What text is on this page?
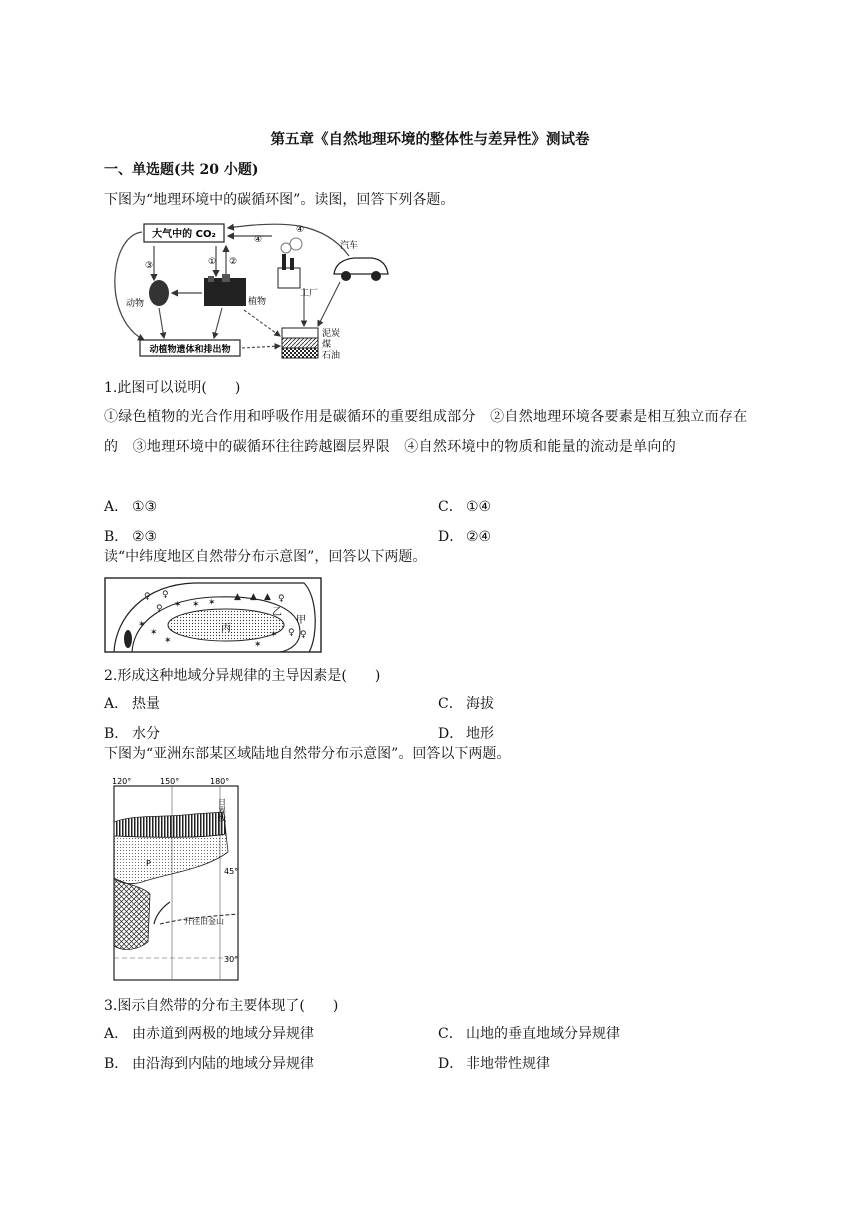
第五章《自然地理环境的整体性与差异性》测试卷
一、单选题(共 20 小题)
下图为“地理环境中的碳循环图”。读图，回答下列各题。
大气中的 CO₂
③	① ②
④
④
动物	植物
工厂
汽车
动植物遗体和排出物
泥炭
煤
石油
1.此图可以说明(　　)
①绿色植物的光合作用和呼吸作用是碳循环的重要组成部分　②自然地理环境各要素是相互独立而存在的　③地理环境中的碳循环往往跨越圈层界限　④自然环境中的物质和能量的流动是单向的
A． ①③	C． ①④
B． ②③	D． ②④
读“中纬度地区自然带分布示意图”，回答以下两题。
丙
乙
甲
♀ ♀
♀ ✶ ✶ ✶
▲ ▲ ▲ ♀
♀ ♀
✶
✶
✶	✶
✶
2.形成这种地域分异规律的主导因素是(　　)
A． 热量	C． 海拔
B． 水分	D． 地形
下图为“亚洲东部某区域陆地自然带分布示意图”。回答以下两题。
120°	150°	180°
P
日界线
45°
30°
开往旧金山
3.图示自然带的分布主要体现了(　　)
A． 由赤道到两极的地域分异规律	C． 山地的垂直地域分异规律
B． 由沿海到内陆的地域分异规律	D． 非地带性规律
